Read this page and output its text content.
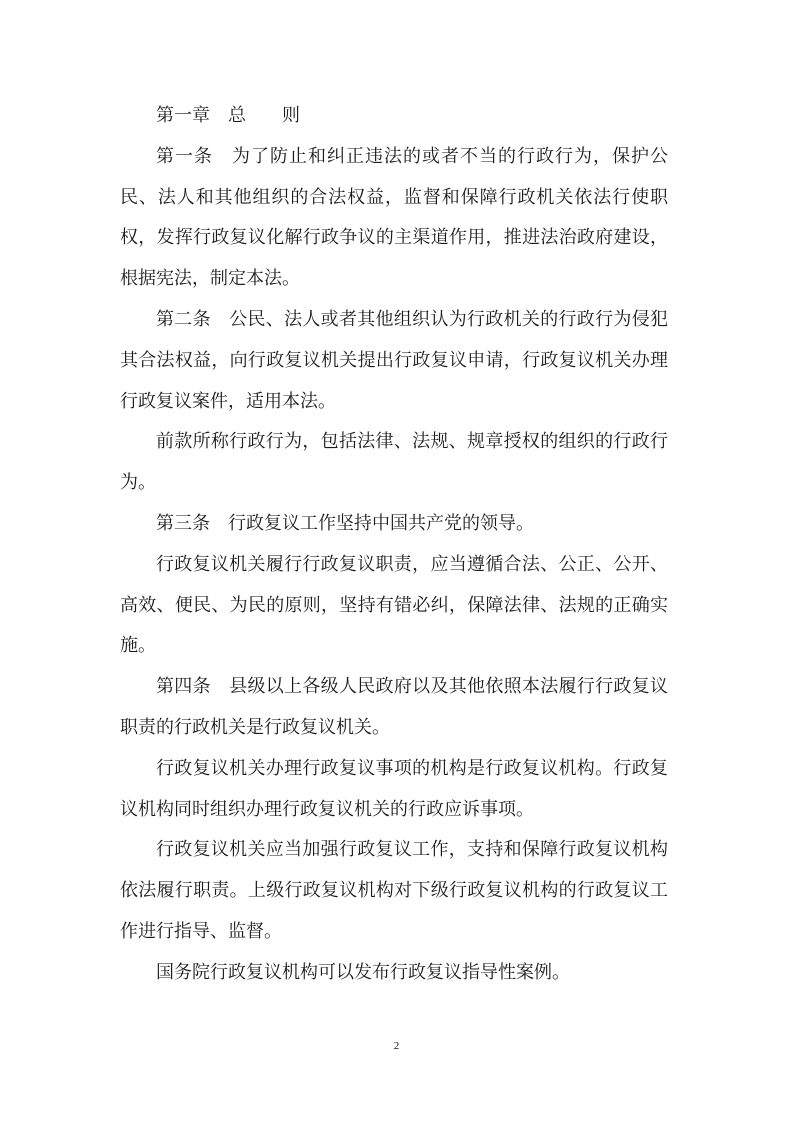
第一章　总　　则

第一条　为了防止和纠正违法的或者不当的行政行为，保护公民、法人和其他组织的合法权益，监督和保障行政机关依法行使职权，发挥行政复议化解行政争议的主渠道作用，推进法治政府建设，根据宪法，制定本法。

第二条　公民、法人或者其他组织认为行政机关的行政行为侵犯其合法权益，向行政复议机关提出行政复议申请，行政复议机关办理行政复议案件，适用本法。

前款所称行政行为，包括法律、法规、规章授权的组织的行政行为。

第三条　行政复议工作坚持中国共产党的领导。

行政复议机关履行行政复议职责，应当遵循合法、公正、公开、高效、便民、为民的原则，坚持有错必纠，保障法律、法规的正确实施。

第四条　县级以上各级人民政府以及其他依照本法履行行政复议职责的行政机关是行政复议机关。

行政复议机关办理行政复议事项的机构是行政复议机构。行政复议机构同时组织办理行政复议机关的行政应诉事项。

行政复议机关应当加强行政复议工作，支持和保障行政复议机构依法履行职责。上级行政复议机构对下级行政复议机构的行政复议工作进行指导、监督。

国务院行政复议机构可以发布行政复议指导性案例。

2
